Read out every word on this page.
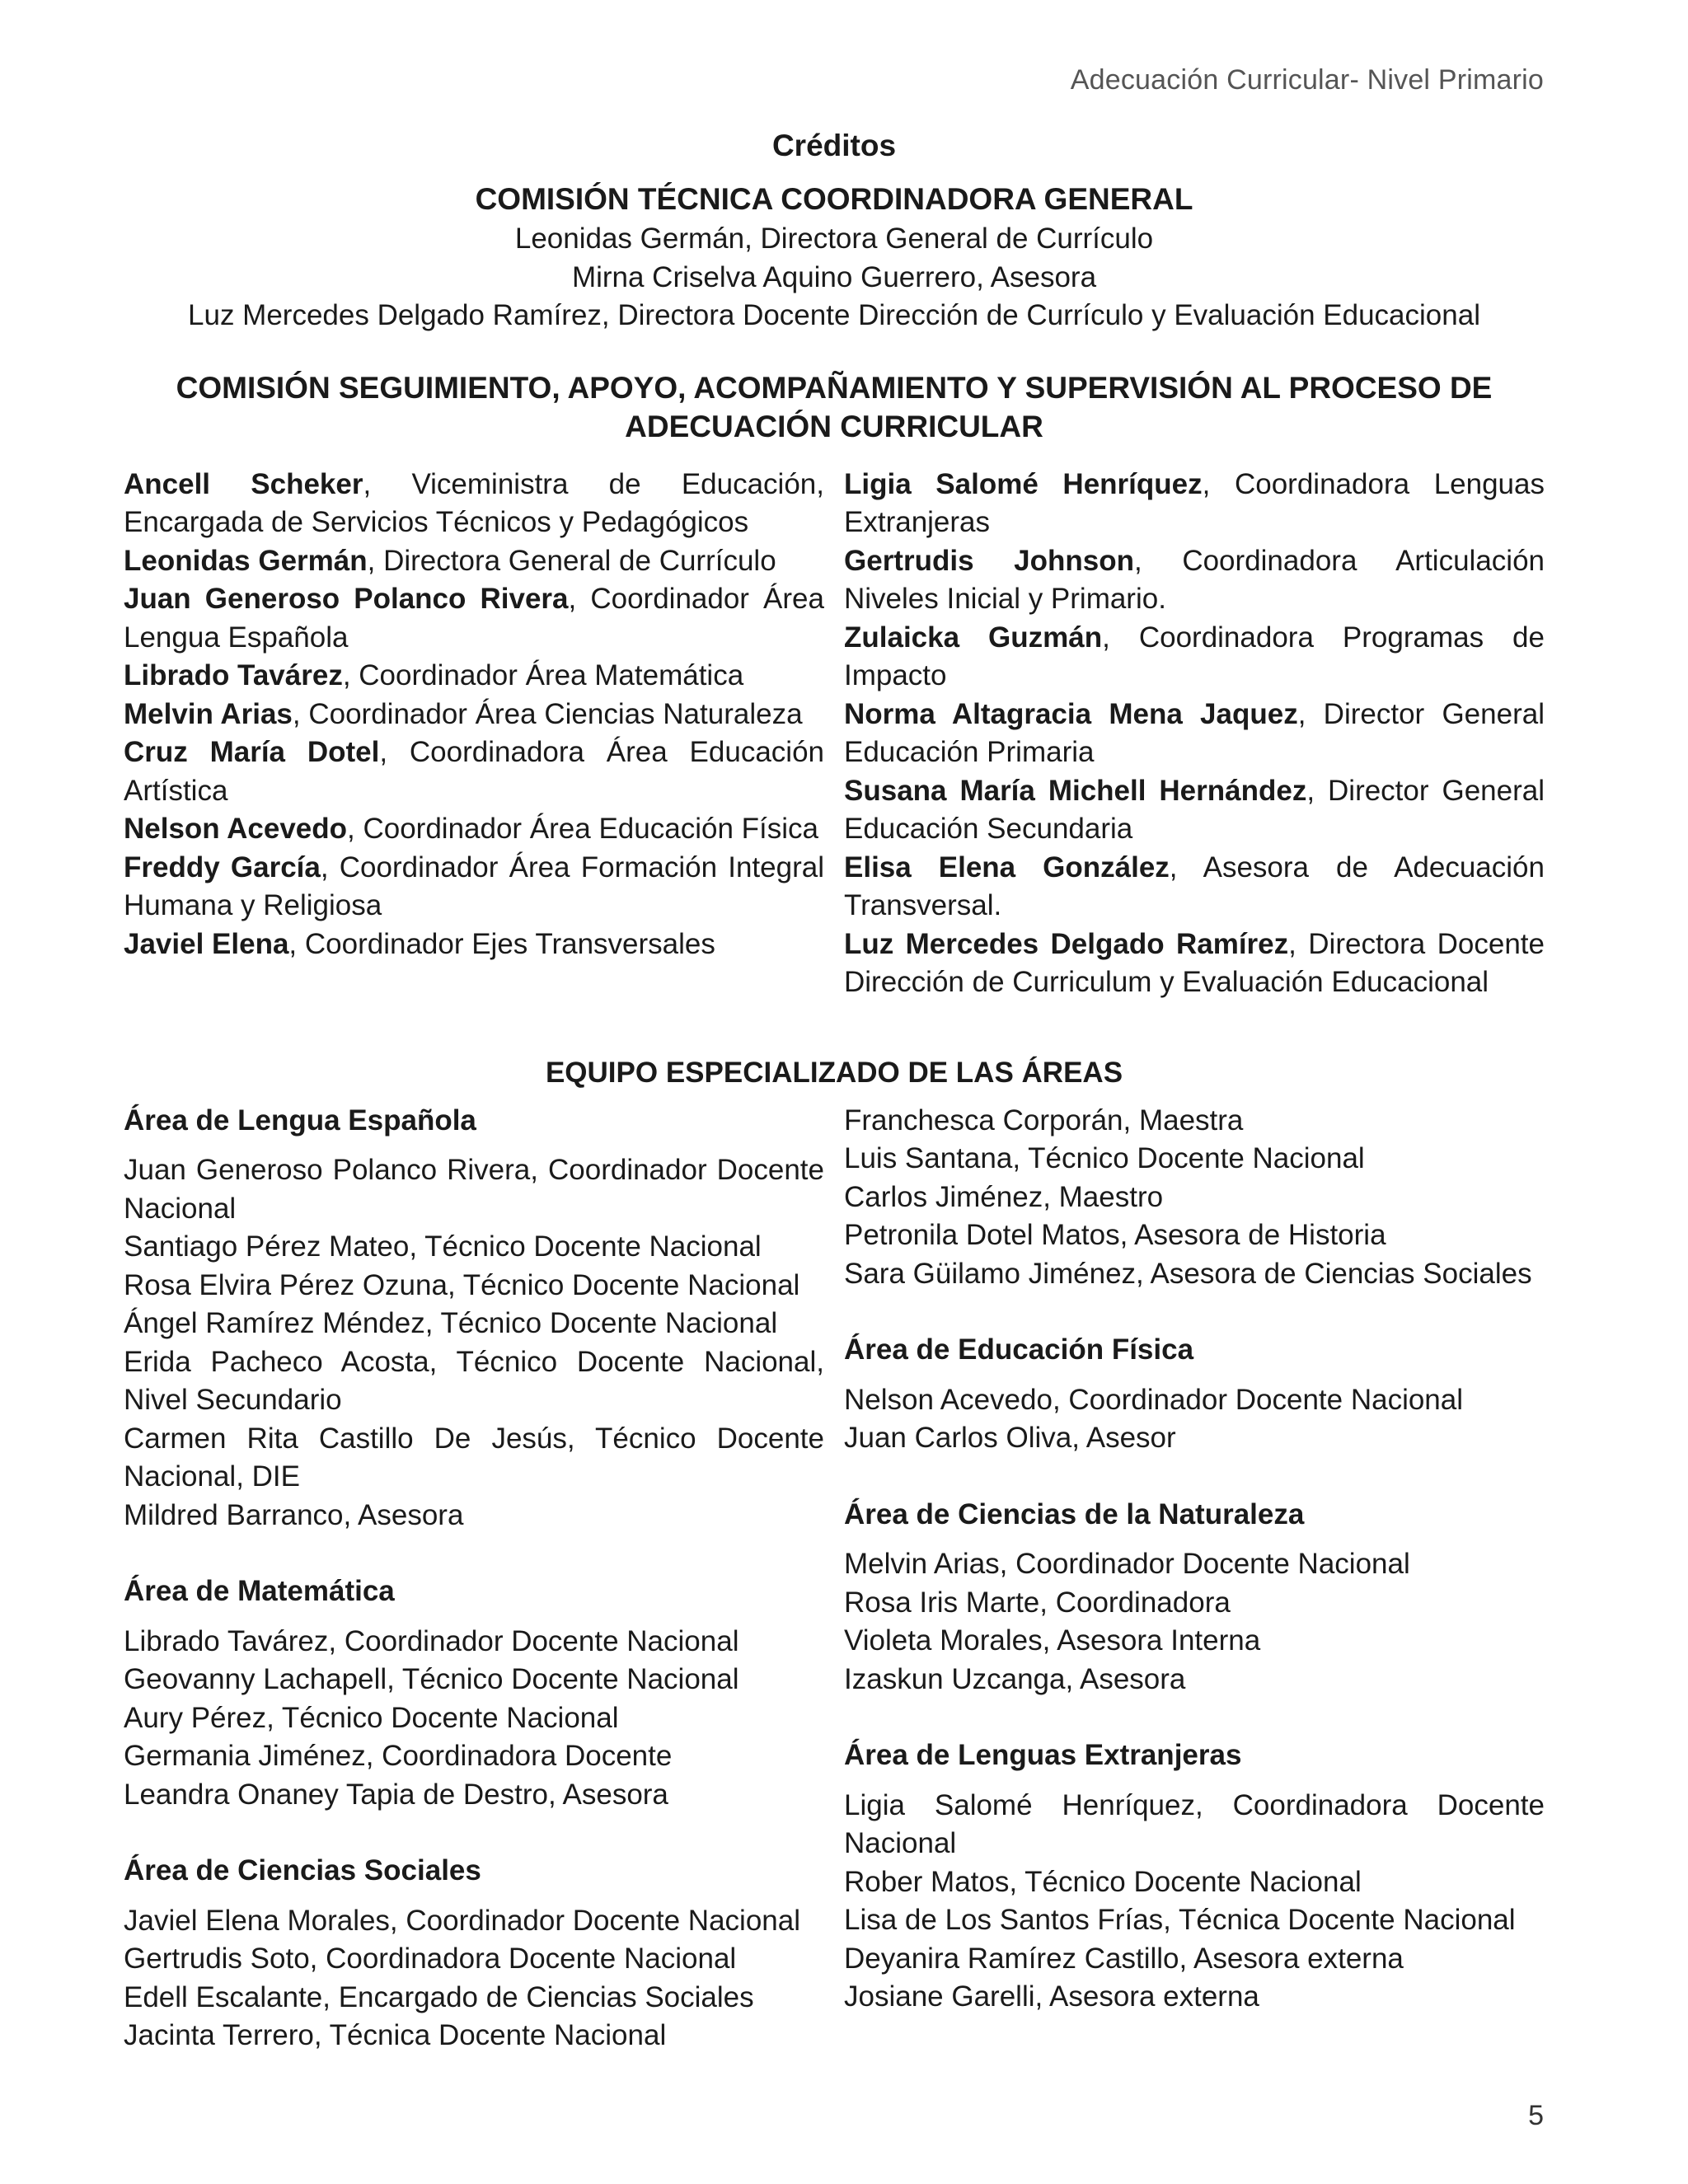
Adecuación Curricular- Nivel Primario
Créditos
COMISIÓN TÉCNICA COORDINADORA GENERAL
Leonidas Germán, Directora General de Currículo
Mirna Criselva Aquino Guerrero, Asesora
Luz Mercedes Delgado Ramírez, Directora Docente Dirección de Currículo y Evaluación Educacional
COMISIÓN SEGUIMIENTO, APOYO, ACOMPAÑAMIENTO Y SUPERVISIÓN AL PROCESO DE
ADECUACIÓN CURRICULAR
Ancell Scheker, Viceministra de Educación, Encargada de Servicios Técnicos y Pedagógicos
Leonidas Germán, Directora General de Currículo
Juan Generoso Polanco Rivera, Coordinador Área Lengua Española
Librado Tavárez, Coordinador Área Matemática
Melvin Arias, Coordinador Área Ciencias Naturaleza
Cruz María Dotel, Coordinadora Área Educación Artística
Nelson Acevedo, Coordinador Área Educación Física
Freddy García, Coordinador Área Formación Integral Humana y Religiosa
Javiel Elena, Coordinador Ejes Transversales
Ligia Salomé Henríquez, Coordinadora Lenguas Extranjeras
Gertrudis Johnson, Coordinadora Articulación Niveles Inicial y Primario.
Zulaicka Guzmán, Coordinadora Programas de Impacto
Norma Altagracia Mena Jaquez, Director General Educación Primaria
Susana María Michell Hernández, Director General Educación Secundaria
Elisa Elena González, Asesora de Adecuación Transversal.
Luz Mercedes Delgado Ramírez, Directora Docente Dirección de Curriculum y Evaluación Educacional
EQUIPO ESPECIALIZADO DE LAS ÁREAS
Área de Lengua Española
Juan Generoso Polanco Rivera, Coordinador Docente Nacional
Santiago Pérez Mateo, Técnico Docente Nacional
Rosa Elvira Pérez Ozuna, Técnico Docente Nacional
Ángel Ramírez Méndez, Técnico Docente Nacional
Erida Pacheco Acosta, Técnico Docente Nacional, Nivel Secundario
Carmen Rita Castillo De Jesús, Técnico Docente Nacional, DIE
Mildred Barranco, Asesora
Área de Matemática
Librado Tavárez, Coordinador Docente Nacional
Geovanny Lachapell, Técnico Docente Nacional
Aury Pérez, Técnico Docente Nacional
Germania Jiménez, Coordinadora Docente
Leandra Onaney Tapia de Destro, Asesora
Área de Ciencias Sociales
Javiel Elena Morales, Coordinador Docente Nacional
Gertrudis Soto, Coordinadora Docente Nacional
Edell Escalante, Encargado de Ciencias Sociales
Jacinta Terrero, Técnica Docente Nacional
Franchesca Corporán, Maestra
Luis Santana, Técnico Docente Nacional
Carlos Jiménez, Maestro
Petronila Dotel Matos, Asesora de Historia
Sara Güilamo Jiménez, Asesora de Ciencias Sociales
Área de Educación Física
Nelson Acevedo, Coordinador Docente Nacional
Juan Carlos Oliva, Asesor
Área de Ciencias de la Naturaleza
Melvin Arias, Coordinador Docente Nacional
Rosa Iris Marte, Coordinadora
Violeta Morales, Asesora Interna
Izaskun Uzcanga, Asesora
Área de Lenguas Extranjeras
Ligia Salomé Henríquez, Coordinadora Docente Nacional
Rober Matos, Técnico Docente Nacional
Lisa de Los Santos Frías, Técnica Docente Nacional
Deyanira Ramírez Castillo, Asesora externa
Josiane Garelli, Asesora externa
5
